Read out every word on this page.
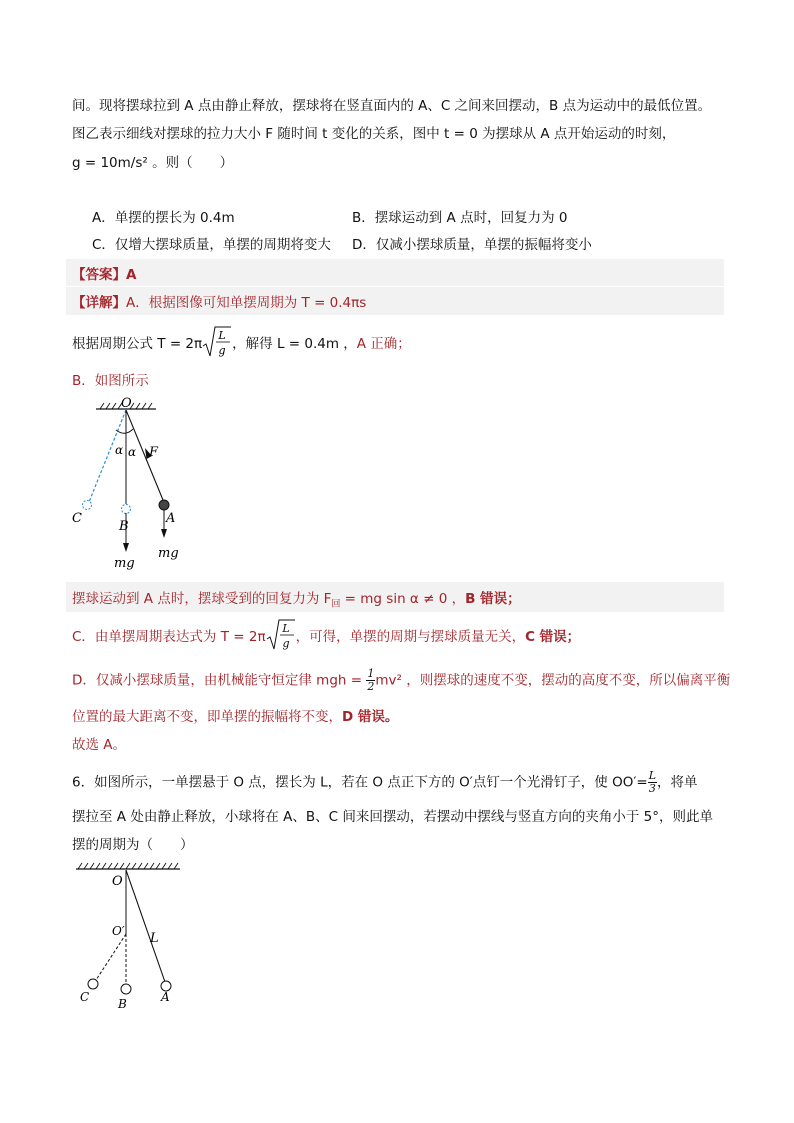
间。现将摆球拉到 A 点由静止释放，摆球将在竖直面内的 A、C 之间来回摆动，B 点为运动中的最低位置。
图乙表示细线对摆球的拉力大小 F 随时间 t 变化的关系，图中 t = 0 为摆球从 A 点开始运动的时刻，
g = 10m/s² 。则（　　）
A．单摆的摆长为 0.4m	B．摆球运动到 A 点时，回复力为 0
C．仅增大摆球质量，单摆的周期将变大 D．仅减小摆球质量，单摆的振幅将变小
【答案】A
【详解】A．根据图像可知单摆周期为 T = 0.4πs
根据周期公式 T = 2π
L
g ，解得 L = 0.4m ，A 正确；
B．如图所示
O
α α F
C
B
A
mg
mg
摆球运动到 A 点时，摆球受到的回复力为 $F_回$ = mg sin α ≠ 0 ，B 错误；
C．由单摆周期表达式为 T = 2π
L
g ，可得，单摆的周期与摆球质量无关，C 错误；
D．仅减小摆球质量，由机械能守恒定律 mgh = $\frac{1}{2} mv^2$ ，则摆球的速度不变，摆动的高度不变，所以偏离平衡
位置的最大距离不变，即单摆的振幅将不变，D 错误。
故选 A。
6．如图所示，一单摆悬于 O 点，摆长为 L，若在 O 点正下方的 O′点钉一个光滑钉子，使 $OO'= \frac{L}{3}$ ，将单
摆拉至 A 处由静止释放，小球将在 A、B、C 间来回摆动，若摆动中摆线与竖直方向的夹角小于 5°，则此单
摆的周期为（　　）
O
O′ L
C B	A
